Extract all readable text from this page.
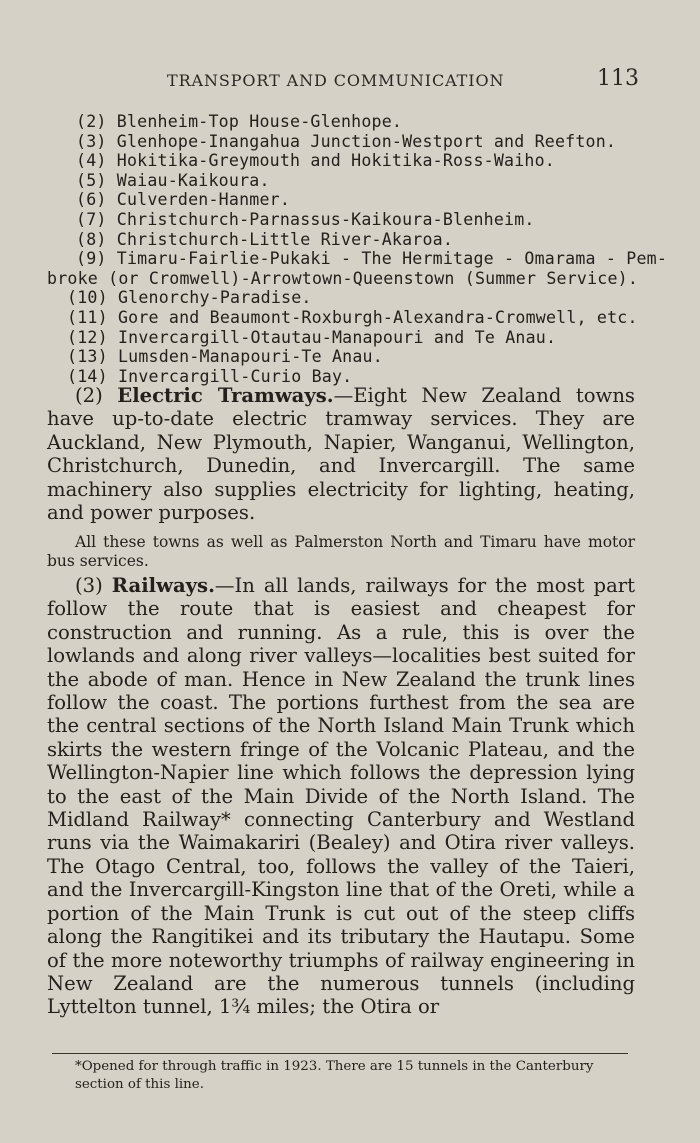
TRANSPORT AND COMMUNICATION	113
(2) Blenheim-Top House-Glenhope.
(3) Glenhope-Inangahua Junction-Westport and Reefton.
(4) Hokitika-Greymouth and Hokitika-Ross-Waiho.
(5) Waiau-Kaikoura.
(6) Culverden-Hanmer.
(7) Christchurch-Parnassus-Kaikoura-Blenheim.
(8) Christchurch-Little River-Akaroa.
(9) Timaru-Fairlie-Pukaki - The Hermitage - Omarama - Pem-
broke (or Cromwell)-Arrowtown-Queenstown (Summer Service).
(10) Glenorchy-Paradise.
(11) Gore and Beaumont-Roxburgh-Alexandra-Cromwell, etc.
(12) Invercargill-Otautau-Manapouri and Te Anau.
(13) Lumsden-Manapouri-Te Anau.
(14) Invercargill-Curio Bay.
(2) Electric Tramways.—Eight New Zealand towns have up-to-date electric tramway services. They are Auckland, New Plymouth, Napier, Wanganui, Wellington, Christchurch, Dunedin, and Invercargill. The same machinery also supplies electricity for lighting, heating, and power purposes.
All these towns as well as Palmerston North and Timaru have motor bus services.
(3) Railways.—In all lands, railways for the most part follow the route that is easiest and cheapest for construction and running. As a rule, this is over the lowlands and along river valleys—localities best suited for the abode of man. Hence in New Zealand the trunk lines follow the coast. The portions furthest from the sea are the central sections of the North Island Main Trunk which skirts the western fringe of the Volcanic Plateau, and the Wellington-Napier line which follows the depression lying to the east of the Main Divide of the North Island. The Midland Railway* connecting Canterbury and Westland runs via the Waimakariri (Bealey) and Otira river valleys. The Otago Central, too, follows the valley of the Taieri, and the Invercargill-Kingston line that of the Oreti, while a portion of the Main Trunk is cut out of the steep cliffs along the Rangitikei and its tributary the Hautapu. Some of the more noteworthy triumphs of railway engineering in New Zealand are the numerous tunnels (including Lyttelton tunnel, 1¾ miles; the Otira or
*Opened for through traffic in 1923. There are 15 tunnels in the Canterbury section of this line.
